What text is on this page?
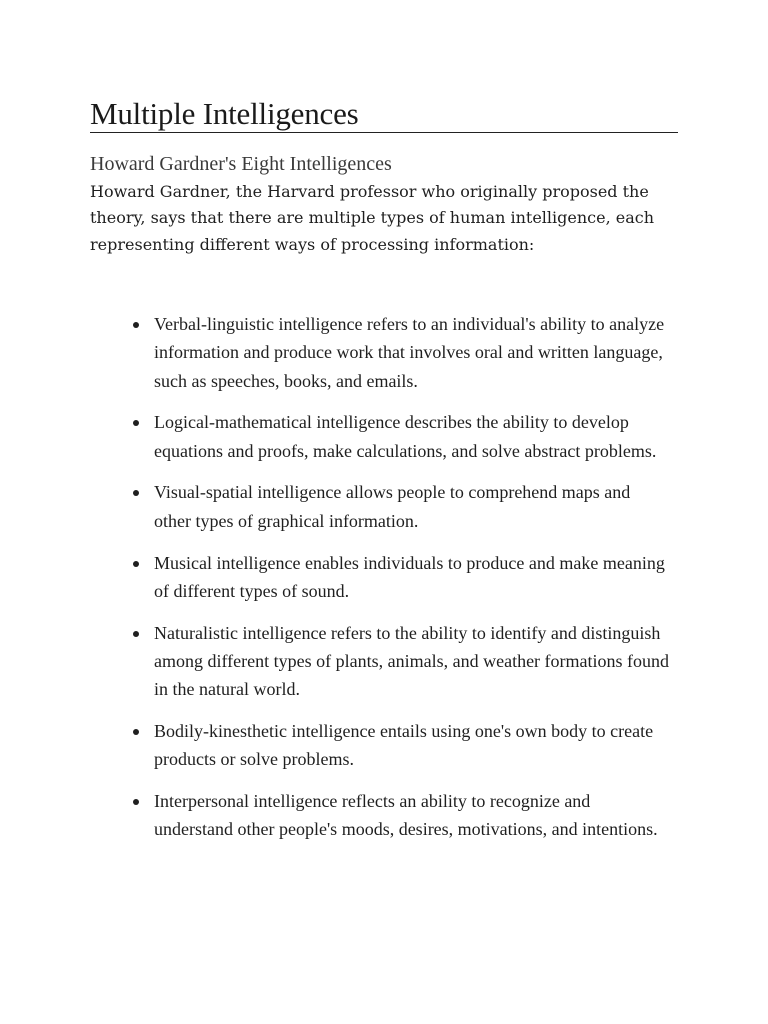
Multiple Intelligences
Howard Gardner's Eight Intelligences

Howard Gardner, the Harvard professor who originally proposed the theory, says that there are multiple types of human intelligence, each representing different ways of processing information:

Verbal-linguistic intelligence refers to an individual's ability to analyze information and produce work that involves oral and written language, such as speeches, books, and emails.
Logical-mathematical intelligence describes the ability to develop equations and proofs, make calculations, and solve abstract problems.
Visual-spatial intelligence allows people to comprehend maps and other types of graphical information.
Musical intelligence enables individuals to produce and make meaning of different types of sound.
Naturalistic intelligence refers to the ability to identify and distinguish among different types of plants, animals, and weather formations found in the natural world.
Bodily-kinesthetic intelligence entails using one's own body to create products or solve problems.
Interpersonal intelligence reflects an ability to recognize and understand other people's moods, desires, motivations, and intentions.
